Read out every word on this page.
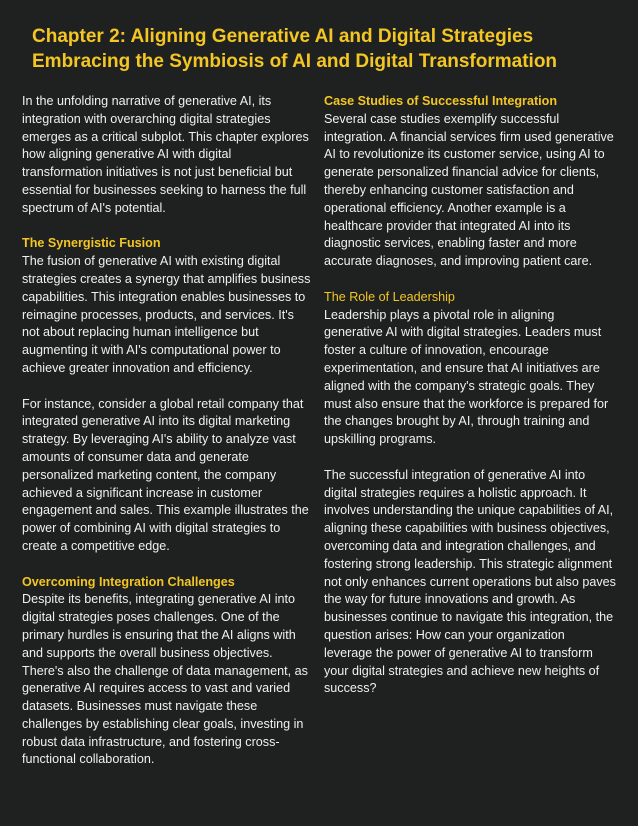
Chapter 2: Aligning Generative AI and Digital Strategies
Embracing the Symbiosis of AI and Digital Transformation

In the unfolding narrative of generative AI, its integration with overarching digital strategies emerges as a critical subplot. This chapter explores how aligning generative AI with digital transformation initiatives is not just beneficial but essential for businesses seeking to harness the full spectrum of AI's potential.

The Synergistic Fusion

The fusion of generative AI with existing digital strategies creates a synergy that amplifies business capabilities. This integration enables businesses to reimagine processes, products, and services. It's not about replacing human intelligence but augmenting it with AI's computational power to achieve greater innovation and efficiency.

For instance, consider a global retail company that integrated generative AI into its digital marketing strategy. By leveraging AI's ability to analyze vast amounts of consumer data and generate personalized marketing content, the company achieved a significant increase in customer engagement and sales. This example illustrates the power of combining AI with digital strategies to create a competitive edge.

Overcoming Integration Challenges

Despite its benefits, integrating generative AI into digital strategies poses challenges. One of the primary hurdles is ensuring that the AI aligns with and supports the overall business objectives. There's also the challenge of data management, as generative AI requires access to vast and varied datasets. Businesses must navigate these challenges by establishing clear goals, investing in robust data infrastructure, and fostering cross-functional collaboration.

Case Studies of Successful Integration

Several case studies exemplify successful integration. A financial services firm used generative AI to revolutionize its customer service, using AI to generate personalized financial advice for clients, thereby enhancing customer satisfaction and operational efficiency. Another example is a healthcare provider that integrated AI into its diagnostic services, enabling faster and more accurate diagnoses, and improving patient care.

The Role of Leadership

Leadership plays a pivotal role in aligning generative AI with digital strategies. Leaders must foster a culture of innovation, encourage experimentation, and ensure that AI initiatives are aligned with the company's strategic goals. They must also ensure that the workforce is prepared for the changes brought by AI, through training and upskilling programs.

The successful integration of generative AI into digital strategies requires a holistic approach. It involves understanding the unique capabilities of AI, aligning these capabilities with business objectives, overcoming data and integration challenges, and fostering strong leadership. This strategic alignment not only enhances current operations but also paves the way for future innovations and growth. As businesses continue to navigate this integration, the question arises: How can your organization leverage the power of generative AI to transform your digital strategies and achieve new heights of success?
